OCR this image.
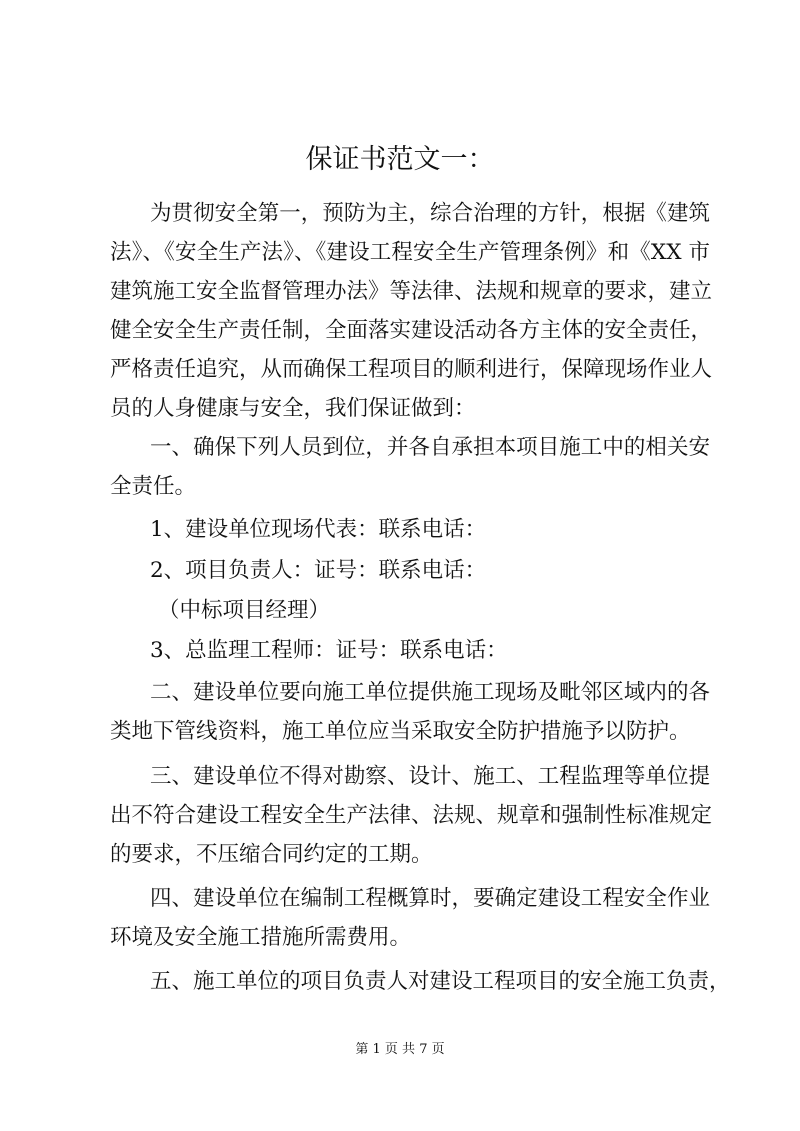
保证书范文一：
为贯彻安全第一，预防为主，综合治理的方针，根据《建筑
法》、《安全生产法》、《建设工程安全生产管理条例》和《XX 市
建筑施工安全监督管理办法》等法律、法规和规章的要求，建立
健全安全生产责任制，全面落实建设活动各方主体的安全责任，
严格责任追究，从而确保工程项目的顺利进行，保障现场作业人
员的人身健康与安全，我们保证做到：
一、确保下列人员到位，并各自承担本项目施工中的相关安
全责任。
1、建设单位现场代表：联系电话：
2、项目负责人：证号：联系电话：
（中标项目经理）
3、总监理工程师：证号：联系电话：
二、建设单位要向施工单位提供施工现场及毗邻区域内的各
类地下管线资料，施工单位应当采取安全防护措施予以防护。
三、建设单位不得对勘察、设计、施工、工程监理等单位提
出不符合建设工程安全生产法律、法规、规章和强制性标准规定
的要求，不压缩合同约定的工期。
四、建设单位在编制工程概算时，要确定建设工程安全作业
环境及安全施工措施所需费用。
五、施工单位的项目负责人对建设工程项目的安全施工负责，
第 1 页 共 7 页
